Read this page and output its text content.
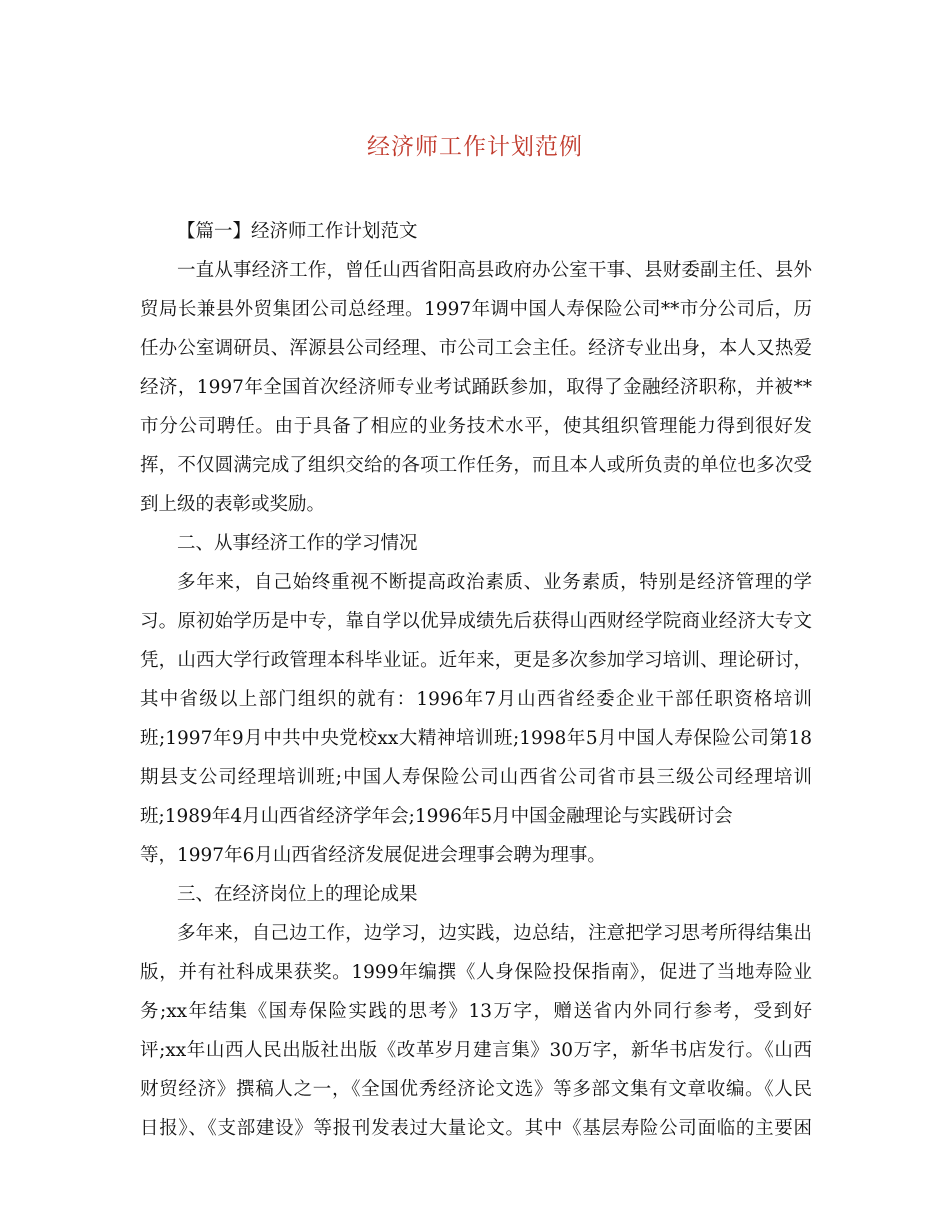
经济师工作计划范例
【篇一】经济师工作计划范文
一直从事经济工作，曾任山西省阳高县政府办公室干事、县财委副主任、县外
贸局长兼县外贸集团公司总经理。1997年调中国人寿保险公司**市分公司后，历
任办公室调研员、浑源县公司经理、市公司工会主任。经济专业出身，本人又热爱
经济，1997年全国首次经济师专业考试踊跃参加，取得了金融经济职称，并被**
市分公司聘任。由于具备了相应的业务技术水平，使其组织管理能力得到很好发
挥，不仅圆满完成了组织交给的各项工作任务，而且本人或所负责的单位也多次受
到上级的表彰或奖励。
二、从事经济工作的学习情况
多年来，自己始终重视不断提高政治素质、业务素质，特别是经济管理的学
习。原初始学历是中专，靠自学以优异成绩先后获得山西财经学院商业经济大专文
凭，山西大学行政管理本科毕业证。近年来，更是多次参加学习培训、理论研讨，
其中省级以上部门组织的就有：1996年7月山西省经委企业干部任职资格培训
班;1997年9月中共中央党校xx大精神培训班;1998年5月中国人寿保险公司第18
期县支公司经理培训班;中国人寿保险公司山西省公司省市县三级公司经理培训
班;1989年4月山西省经济学年会;1996年5月中国金融理论与实践研讨会
等，1997年6月山西省经济发展促进会理事会聘为理事。
三、在经济岗位上的理论成果
多年来，自己边工作，边学习，边实践，边总结，注意把学习思考所得结集出
版，并有社科成果获奖。1999年编撰《人身保险投保指南》，促进了当地寿险业
务;xx年结集《国寿保险实践的思考》13万字，赠送省内外同行参考，受到好
评;xx年山西人民出版社出版《改革岁月建言集》30万字，新华书店发行。《山西
财贸经济》撰稿人之一，《全国优秀经济论文选》等多部文集有文章收编。《人民
日报》、《支部建设》等报刊发表过大量论文。其中《基层寿险公司面临的主要困
